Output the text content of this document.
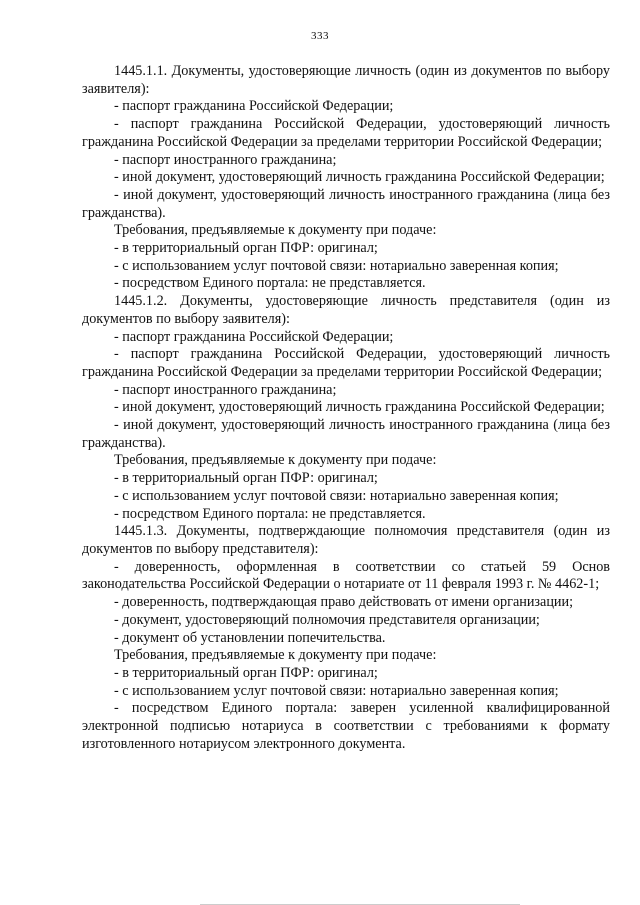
333

1445.1.1. Документы, удостоверяющие личность (один из документов по выбору заявителя):

- паспорт гражданина Российской Федерации;

- паспорт гражданина Российской Федерации, удостоверяющий личность гражданина Российской Федерации за пределами территории Российской Федерации;

- паспорт иностранного гражданина;

- иной документ, удостоверяющий личность гражданина Российской Федерации;

- иной документ, удостоверяющий личность иностранного гражданина (лица без гражданства).

Требования, предъявляемые к документу при подаче:

- в территориальный орган ПФР: оригинал;

- с использованием услуг почтовой связи: нотариально заверенная копия;

- посредством Единого портала: не представляется.

1445.1.2. Документы, удостоверяющие личность представителя (один из документов по выбору заявителя):

- паспорт гражданина Российской Федерации;

- паспорт гражданина Российской Федерации, удостоверяющий личность гражданина Российской Федерации за пределами территории Российской Федерации;

- паспорт иностранного гражданина;

- иной документ, удостоверяющий личность гражданина Российской Федерации;

- иной документ, удостоверяющий личность иностранного гражданина (лица без гражданства).

Требования, предъявляемые к документу при подаче:

- в территориальный орган ПФР: оригинал;

- с использованием услуг почтовой связи: нотариально заверенная копия;

- посредством Единого портала: не представляется.

1445.1.3. Документы, подтверждающие полномочия представителя (один из документов по выбору представителя):

- доверенность, оформленная в соответствии со статьей 59 Основ законодательства Российской Федерации о нотариате от 11 февраля 1993 г. № 4462-1;

- доверенность, подтверждающая право действовать от имени организации;

- документ, удостоверяющий полномочия представителя организации;

- документ об установлении попечительства.

Требования, предъявляемые к документу при подаче:

- в территориальный орган ПФР: оригинал;

- с использованием услуг почтовой связи: нотариально заверенная копия;

- посредством Единого портала: заверен усиленной квалифицированной электронной подписью нотариуса в соответствии с требованиями к формату изготовленного нотариусом электронного документа.
